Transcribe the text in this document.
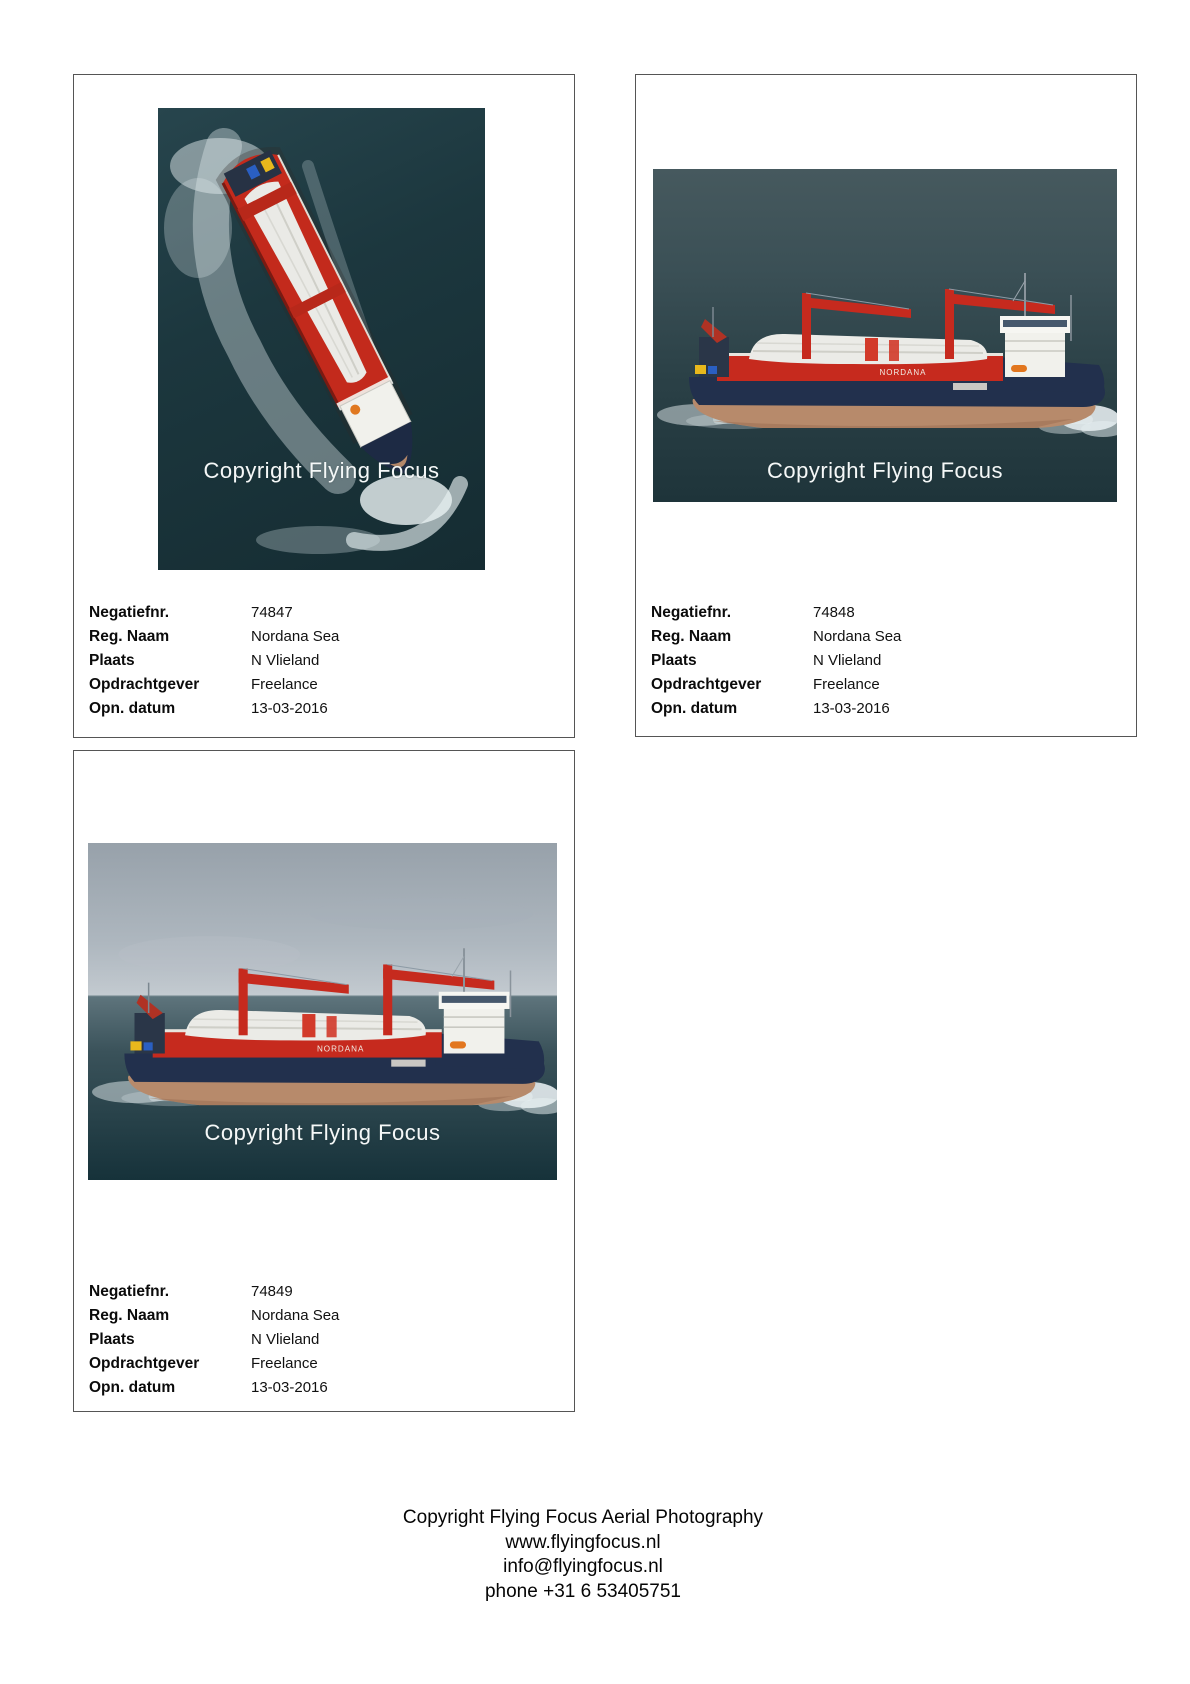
Copyright Flying Focus
Negatiefnr.	74847
Reg. Naam	Nordana Sea
Plaats	N Vlieland
Opdrachtgever	Freelance
Opn. datum	13-03-2016
NORDANA
Copyright Flying Focus
Negatiefnr.	74848
Reg. Naam	Nordana Sea
Plaats	N Vlieland
Opdrachtgever	Freelance
Opn. datum	13-03-2016
NORDANA
Copyright Flying Focus
Negatiefnr.	74849
Reg. Naam	Nordana Sea
Plaats	N Vlieland
Opdrachtgever	Freelance
Opn. datum	13-03-2016
Copyright Flying Focus Aerial Photography
www.flyingfocus.nl
info@flyingfocus.nl
phone +31 6 53405751
